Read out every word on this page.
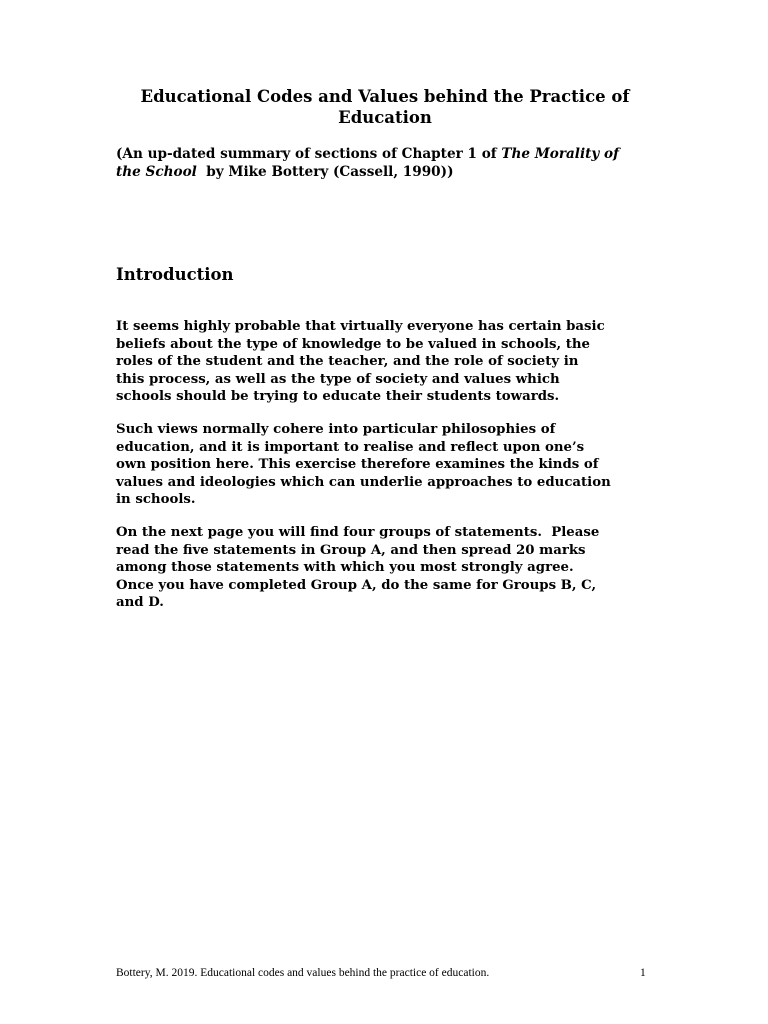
Educational Codes and Values behind the Practice of
Education

(An up-dated summary of sections of Chapter 1 of The Morality of
the School  by Mike Bottery (Cassell, 1990))

Introduction

It seems highly probable that virtually everyone has certain basic
beliefs about the type of knowledge to be valued in schools, the
roles of the student and the teacher, and the role of society in
this process, as well as the type of society and values which
schools should be trying to educate their students towards.

Such views normally cohere into particular philosophies of
education, and it is important to realise and reflect upon one’s
own position here. This exercise therefore examines the kinds of
values and ideologies which can underlie approaches to education
in schools.

On the next page you will find four groups of statements.  Please
read the five statements in Group A, and then spread 20 marks
among those statements with which you most strongly agree.
Once you have completed Group A, do the same for Groups B, C,
and D.

Bottery, M. 2019. Educational codes and values behind the practice of education.	1
